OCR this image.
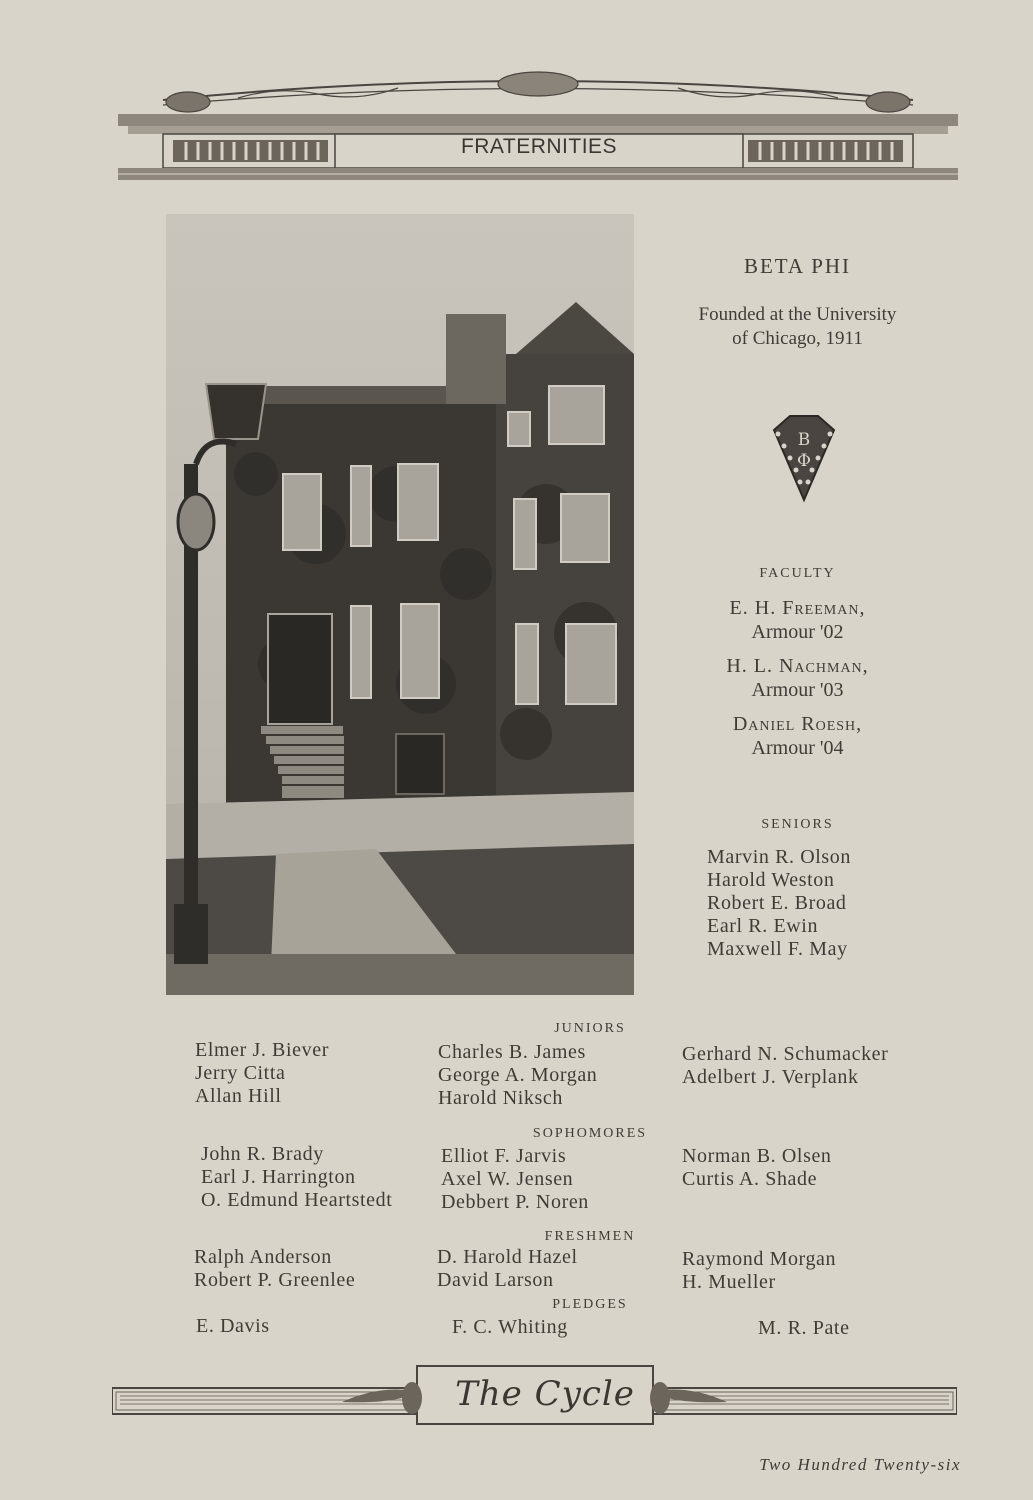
FRATERNITIES
BETA PHI
Founded at the University
of Chicago, 1911
B
Φ
FACULTY
E. H. Freeman,
Armour '02
H. L. Nachman,
Armour '03
Daniel Roesh,
Armour '04
SENIORS
Marvin R. Olson
Harold Weston
Robert E. Broad
Earl R. Ewin
Maxwell F. May
JUNIORS
Elmer J. Biever
Jerry Citta
Allan Hill
Charles B. James
George A. Morgan
Harold Niksch
Gerhard N. Schumacker
Adelbert J. Verplank
SOPHOMORES
John R. Brady
Earl J. Harrington
O. Edmund Heartstedt
Elliot F. Jarvis
Axel W. Jensen
Debbert P. Noren
Norman B. Olsen
Curtis A. Shade
FRESHMEN
Ralph Anderson
Robert P. Greenlee
D. Harold Hazel
David Larson
Raymond Morgan
H. Mueller
PLEDGES
E. Davis	F. C. Whiting	M. R. Pate
The Cycle
Two Hundred Twenty-six
